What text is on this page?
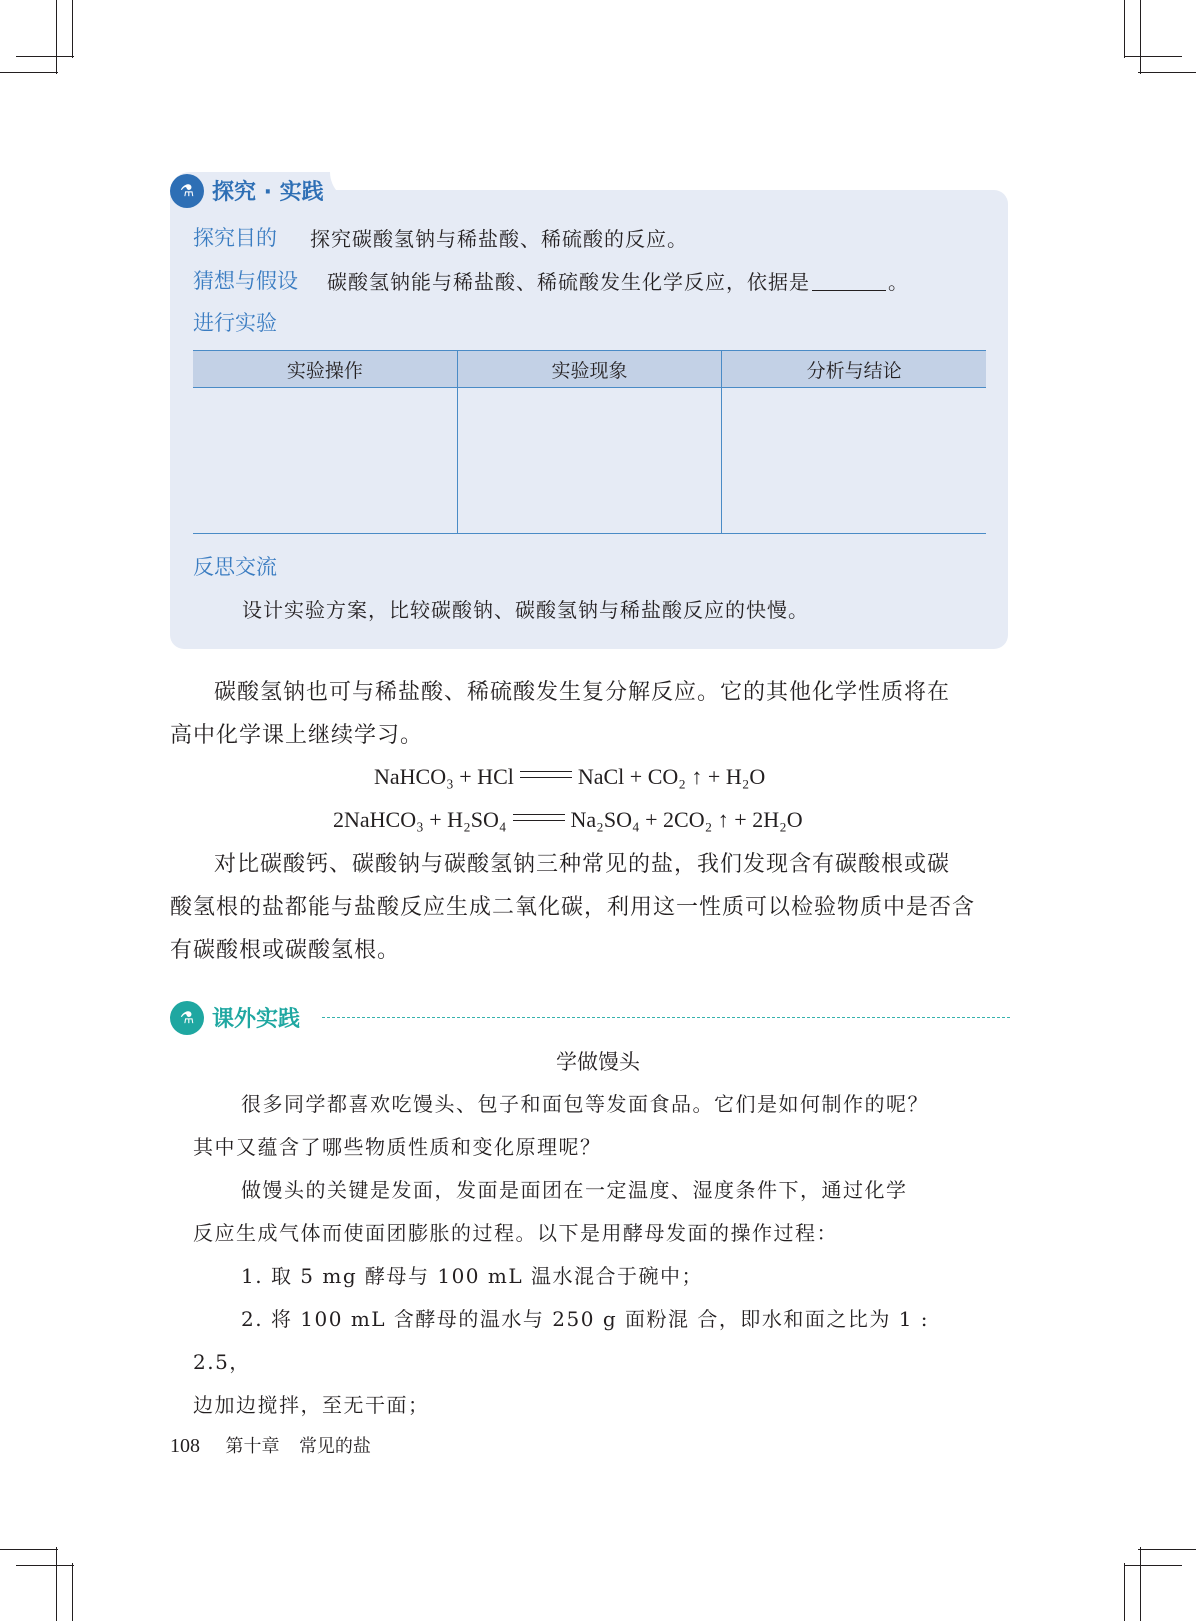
⚗ 探究 · 实践
探究目的 探究碳酸氢钠与稀盐酸、稀硫酸的反应。
猜想与假设 碳酸氢钠能与稀盐酸、稀硫酸发生化学反应，依据是	。
进行实验
实验操作	实验现象	分析与结论

反思交流
设计实验方案，比较碳酸钠、碳酸氢钠与稀盐酸反应的快慢。
碳酸氢钠也可与稀盐酸、稀硫酸发生复分解反应。它的其他化学性质将在
高中化学课上继续学习。
NaHCO₃ + HCl	NaCl + CO₂ ↑ + H₂O
2NaHCO₃ + H₂SO₄	Na₂SO₄ + 2CO₂ ↑ + 2H₂O
对比碳酸钙、碳酸钠与碳酸氢钠三种常见的盐，我们发现含有碳酸根或碳
酸氢根的盐都能与盐酸反应生成二氧化碳，利用这一性质可以检验物质中是否含
有碳酸根或碳酸氢根。
⚗ 课外实践
学做馒头
很多同学都喜欢吃馒头、包子和面包等发面食品。它们是如何制作的呢？
其中又蕴含了哪些物质性质和变化原理呢？
做馒头的关键是发面，发面是面团在一定温度、湿度条件下，通过化学
反应生成气体而使面团膨胀的过程。以下是用酵母发面的操作过程：
1. 取 5 mg 酵母与 100 mL 温水混合于碗中；
2. 将 100 mL 含酵母的温水与 250 g 面粉混 合，即水和面之比为 1 : 2.5，
边加边搅拌，至无干面；
108 第十章 常见的盐
